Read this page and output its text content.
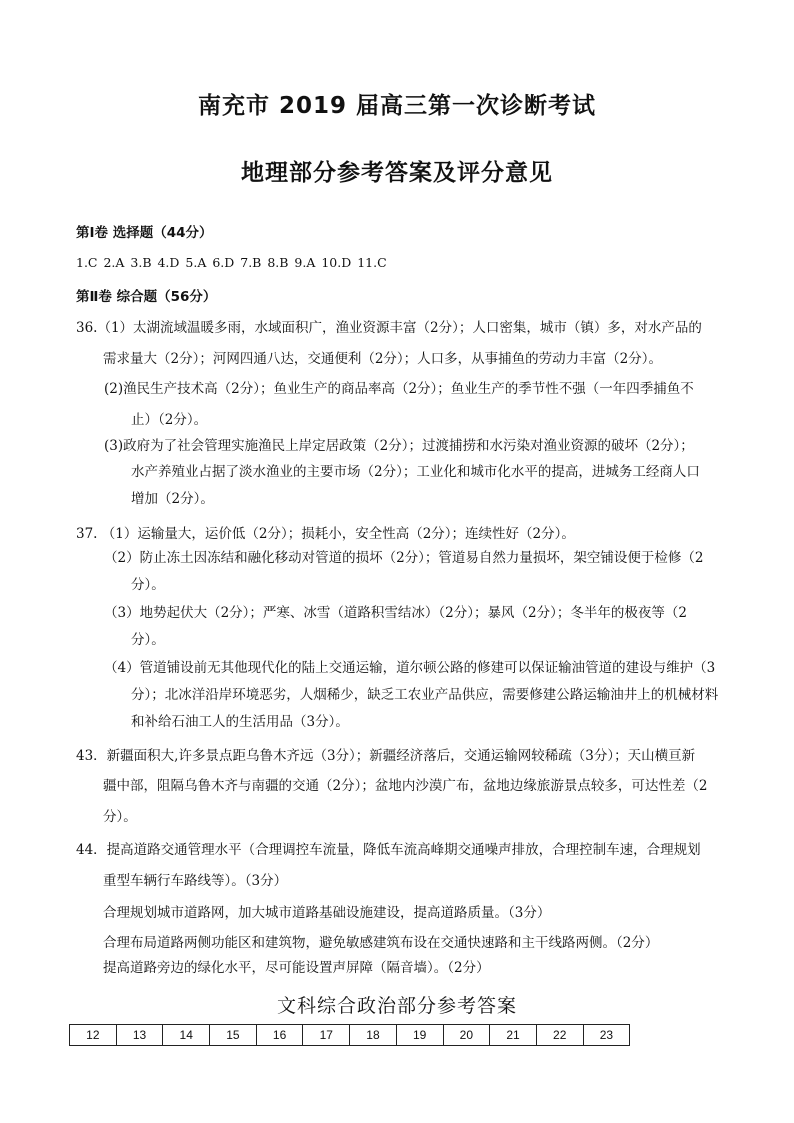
南充市 2019 届高三第一次诊断考试
地理部分参考答案及评分意见
第Ⅰ卷 选择题（44分）
1.C 2.A 3.B 4.D 5.A 6.D 7.B 8.B 9.A 10.D 11.C
第Ⅱ卷 综合题（56分）
36.（1）太湖流域温暖多雨，水域面积广，渔业资源丰富（2分）；人口密集，城市（镇）多，对水产品的
需求量大（2分）；河网四通八达，交通便利（2分）；人口多，从事捕鱼的劳动力丰富（2分）。
(2)渔民生产技术高（2分）；鱼业生产的商品率高（2分）；鱼业生产的季节性不强（一年四季捕鱼不
止）（2分）。
(3)政府为了社会管理实施渔民上岸定居政策（2分）；过渡捕捞和水污染对渔业资源的破坏（2分）；
水产养殖业占据了淡水渔业的主要市场（2分）；工业化和城市化水平的提高，进城务工经商人口
增加（2分）。
37. （1）运输量大，运价低（2分）；损耗小，安全性高（2分）；连续性好（2分）。
（2）防止冻土因冻结和融化移动对管道的损坏（2分）；管道易自然力量损坏，架空铺设便于检修（2
分）。
（3）地势起伏大（2分）；严寒、冰雪（道路积雪结冰）（2分）；暴风（2分）；冬半年的极夜等（2
分）。
（4）管道铺设前无其他现代化的陆上交通运输，道尔顿公路的修建可以保证输油管道的建设与维护（3
分）；北冰洋沿岸环境恶劣，人烟稀少，缺乏工农业产品供应，需要修建公路运输油井上的机械材料
和补给石油工人的生活用品（3分）。
43．新疆面积大,许多景点距乌鲁木齐远（3分）；新疆经济落后，交通运输网较稀疏（3分）；天山横亘新
疆中部，阻隔乌鲁木齐与南疆的交通（2分）；盆地内沙漠广布，盆地边缘旅游景点较多，可达性差（2
分）。
44．提高道路交通管理水平（合理调控车流量，降低车流高峰期交通噪声排放，合理控制车速，合理规划
重型车辆行车路线等）。（3分）
合理规划城市道路网，加大城市道路基础设施建设，提高道路质量。（3分）
合理布局道路两侧功能区和建筑物，避免敏感建筑布设在交通快速路和主干线路两侧。（2分）
提高道路旁边的绿化水平，尽可能设置声屏障（隔音墙）。（2分）
文科综合政治部分参考答案
12	13	14	15	16	17	18	19	20	21	22	23
